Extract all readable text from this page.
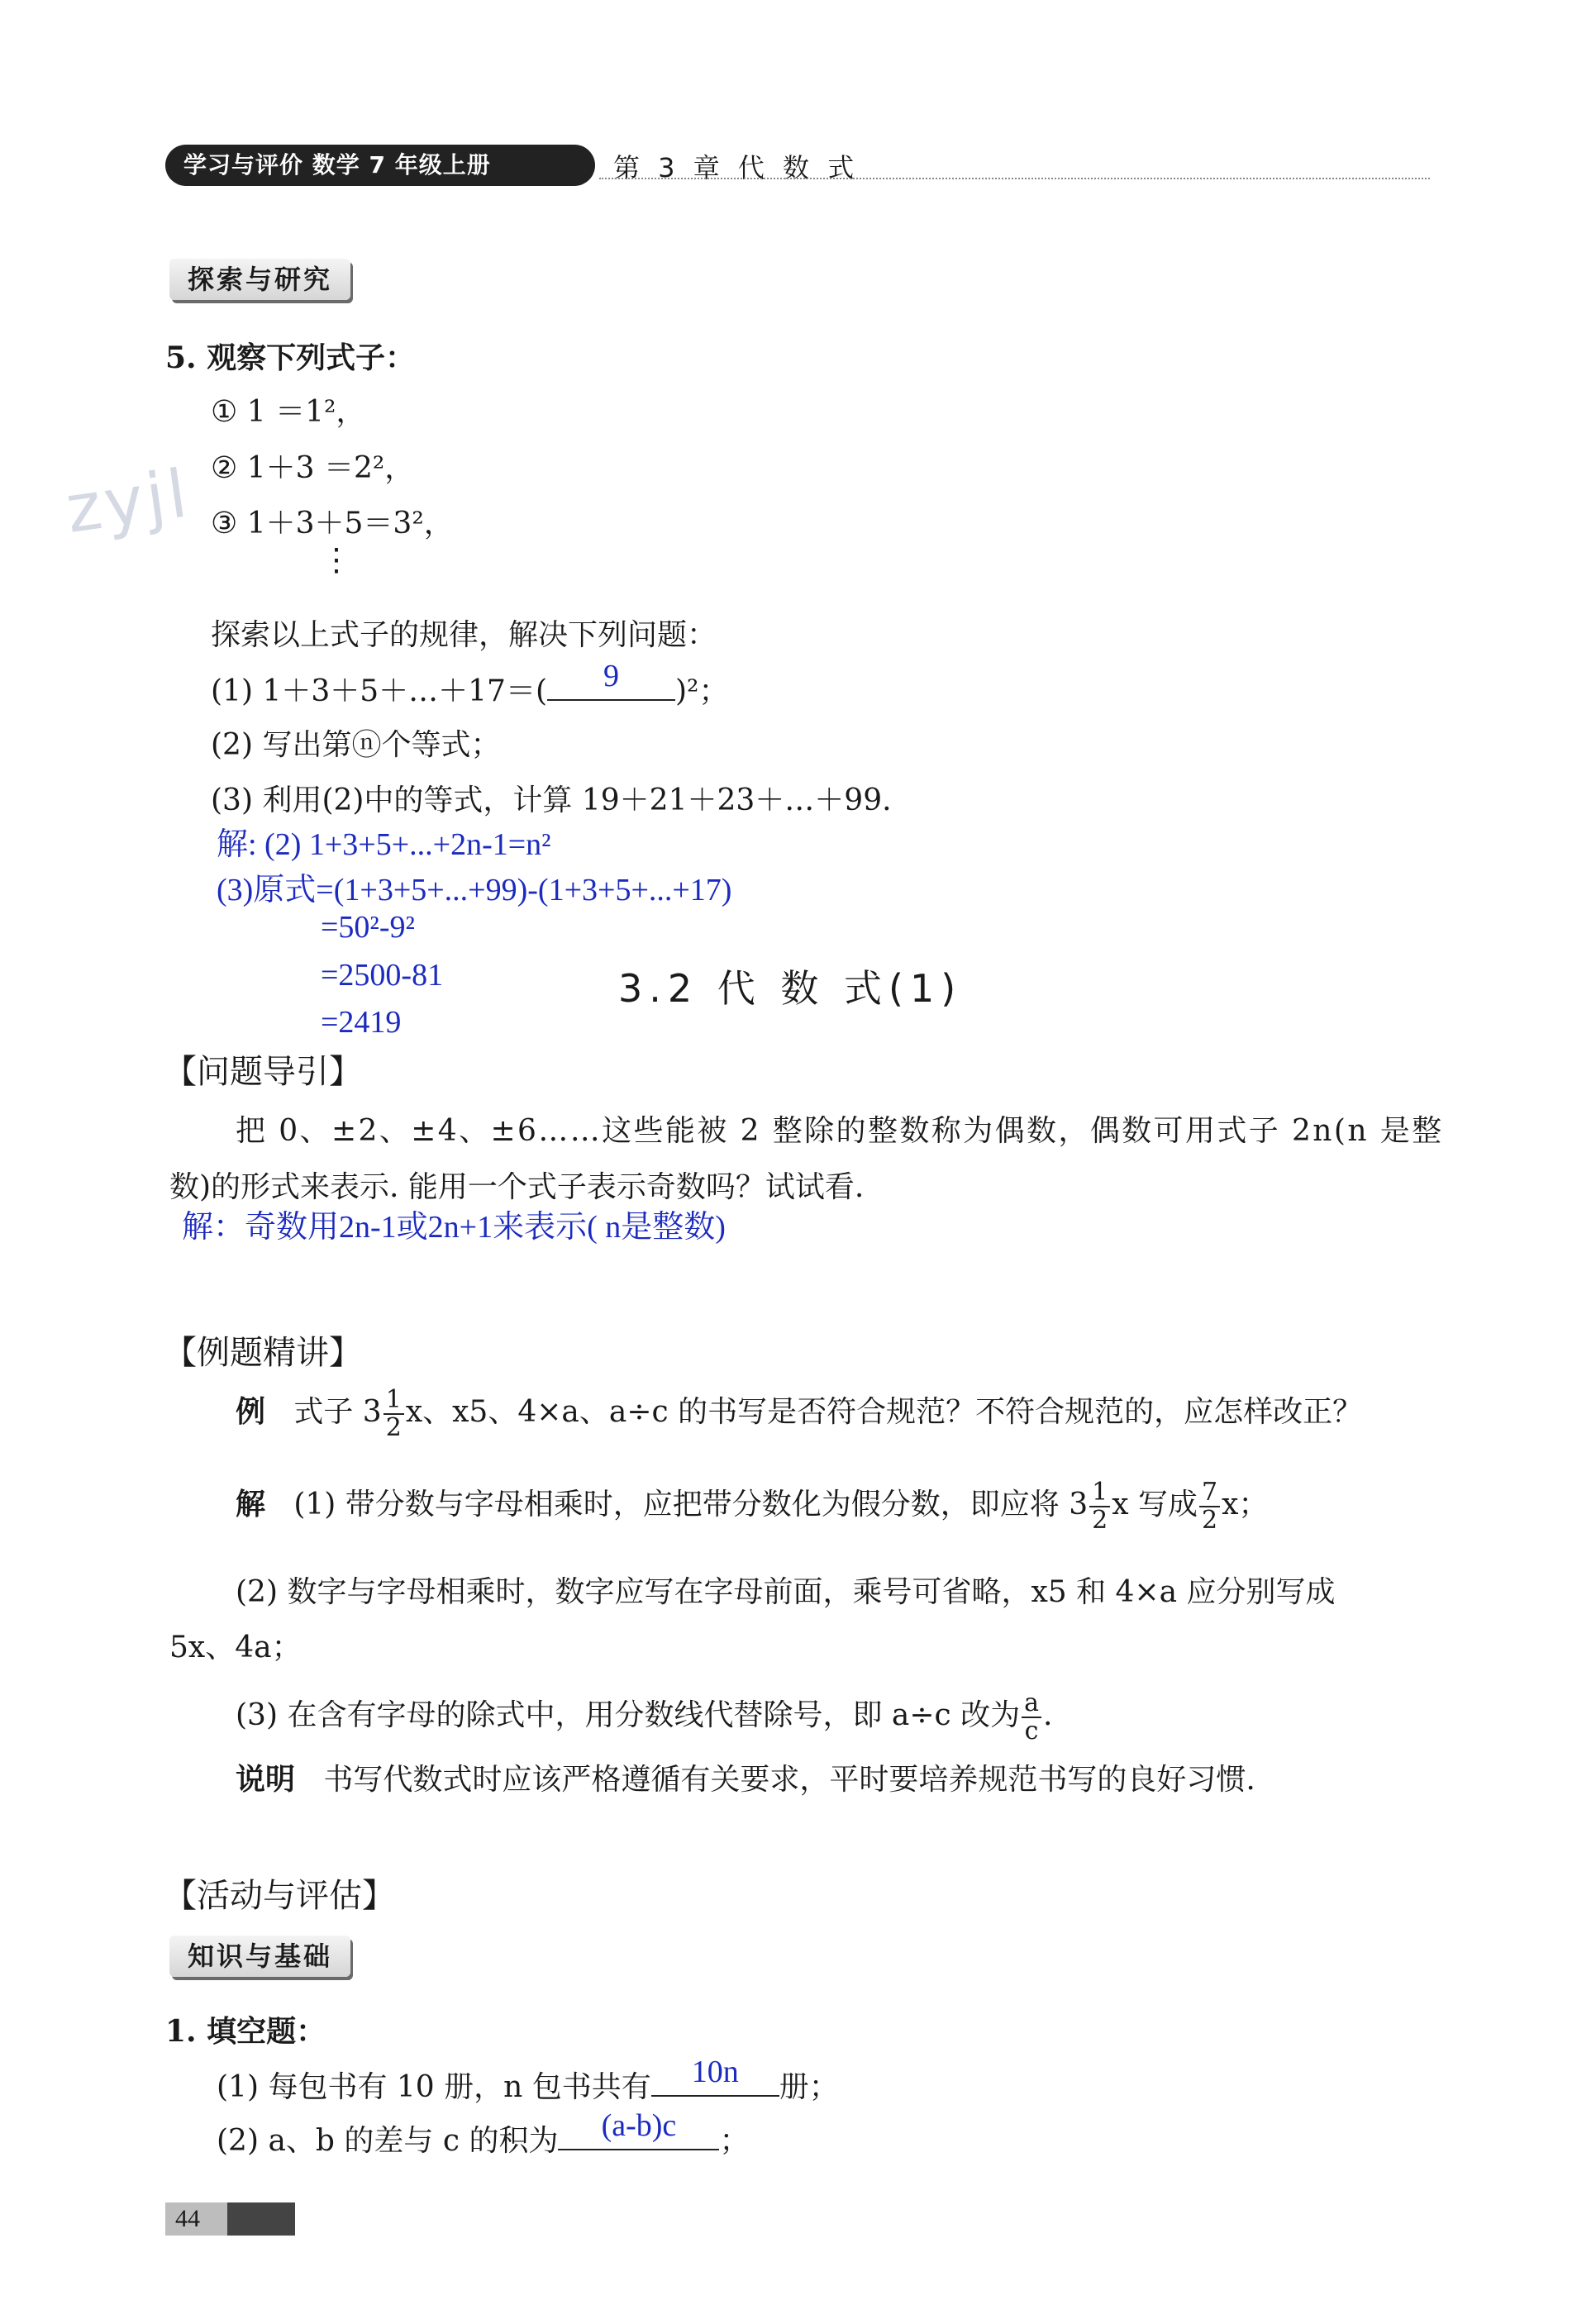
学习与评价 数学 7 年级上册	第 3 章 代 数 式
zyjl
探索与研究
5. 观察下列式子：
① 1 ＝1²，
② 1＋3 ＝2²，
③ 1＋3＋5＝3²，
⋮
探索以上式子的规律，解决下列问题：
(1) 1＋3＋5＋…＋17＝(	9	)²；
(2) 写出第ⓝ个等式；
(3) 利用(2)中的等式，计算 19＋21＋23＋…＋99.
解: (2) 1+3+5+...+2n-1=n²
(3)原式=(1+3+5+...+99)-(1+3+5+...+17)
=50²-9²
=2500-81
=2419
3.2 代 数 式(1)
【问题导引】
把 0、±2、±4、±6……这些能被 2 整除的整数称为偶数，偶数可用式子 2n(n 是整
数)的形式来表示. 能用一个式子表示奇数吗？试试看.
解：奇数用2n-1或2n+1来表示( n是整数)
【例题精讲】
例 式子 $3 \frac{1}{2}$ x、x5、4×a、a÷c 的书写是否符合规范？不符合规范的，应怎样改正？
解 (1) 带分数与字母相乘时，应把带分数化为假分数，即应将 $3 \frac{1}{2}$ x 写成 $\frac{7}{2}$ x；
(2) 数字与字母相乘时，数字应写在字母前面，乘号可省略，x5 和 4×a 应分别写成
5x、4a；
(3) 在含有字母的除式中，用分数线代替除号，即 a÷c 改为 $\frac{a}{c}$ .
说明 书写代数式时应该严格遵循有关要求，平时要培养规范书写的良好习惯.
【活动与评估】
知识与基础
1. 填空题：
(1) 每包书有 10 册，n 包书共有	10n	册；
(2) a、b 的差与 c 的积为	(a-b)c	；
44
